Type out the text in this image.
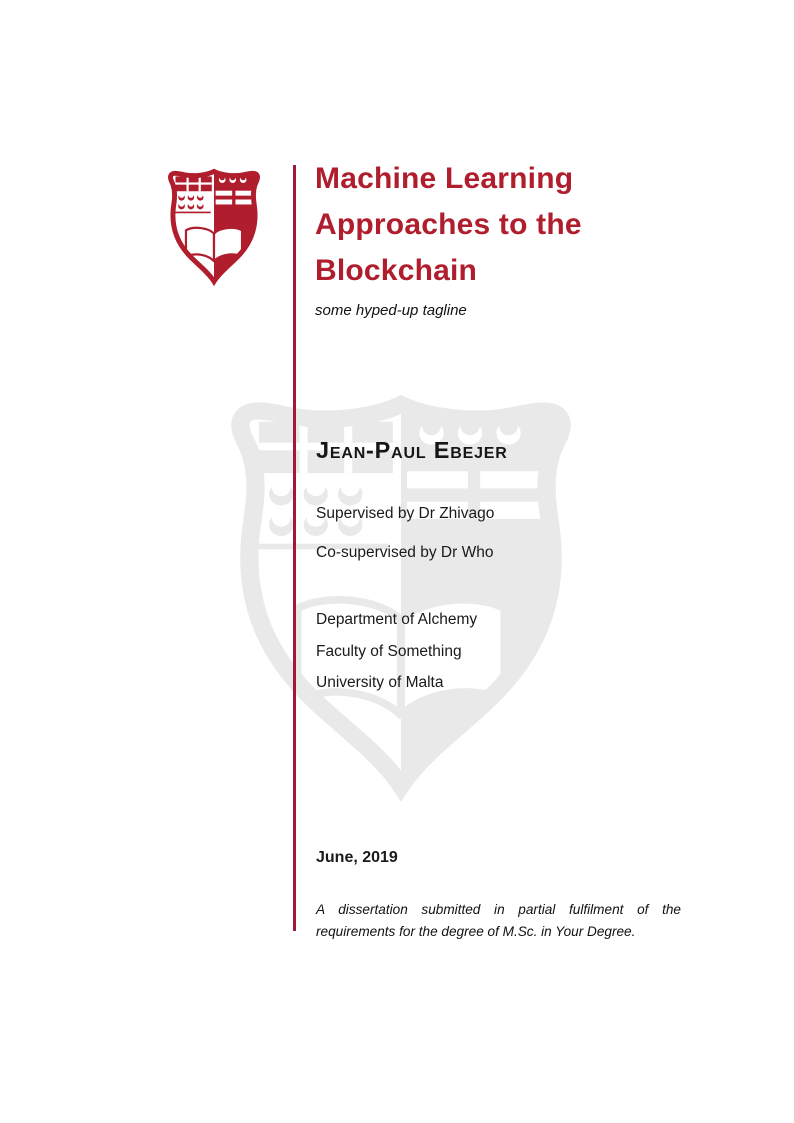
Machine Learning
Approaches to the
Blockchain
some hyped-up tagline
Jean-Paul Ebejer
Supervised by Dr Zhivago
Co-supervised by Dr Who
Department of Alchemy
Faculty of Something
University of Malta
June, 2019
A dissertation submitted in partial fulfilment of the requirements for the degree of M.Sc. in Your Degree.
